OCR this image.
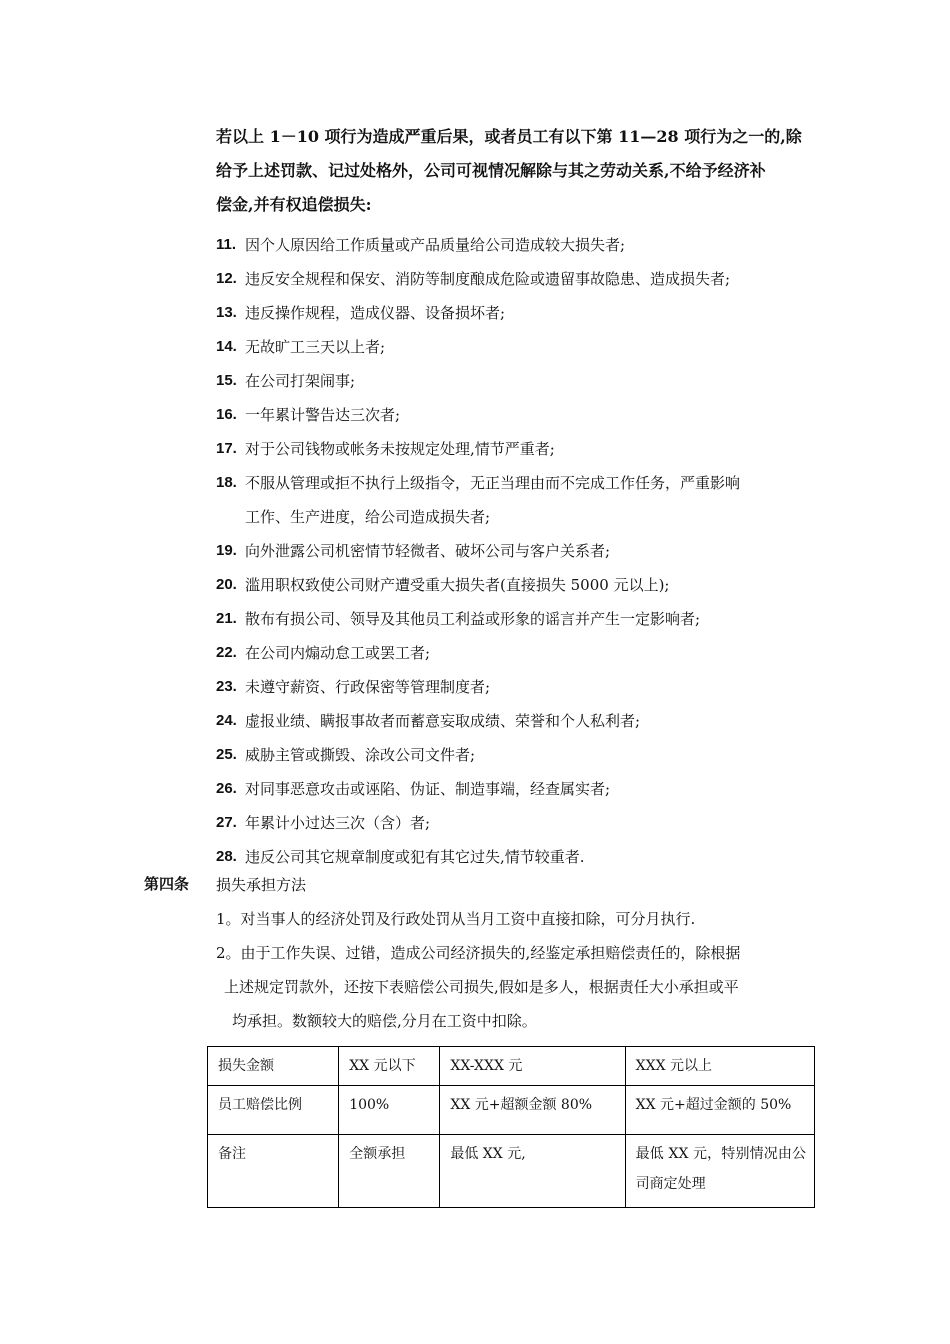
若以上 1－10 项行为造成严重后果，或者员工有以下第 11—28 项行为之一的,除

给予上述罚款、记过处格外，公司可视情况解除与其之劳动关系,不给予经济补

偿金,并有权追偿损失:

11. 因个人原因给工作质量或产品质量给公司造成较大损失者;
12. 违反安全规程和保安、消防等制度酿成危险或遗留事故隐患、造成损失者;
13. 违反操作规程，造成仪器、设备损坏者;
14. 无故旷工三天以上者;
15. 在公司打架闹事;
16. 一年累计警告达三次者;
17. 对于公司钱物或帐务未按规定处理,情节严重者;
18. 不服从管理或拒不执行上级指令，无正当理由而不完成工作任务，严重影响
工作、生产进度，给公司造成损失者;
19. 向外泄露公司机密情节轻微者、破坏公司与客户关系者;
20. 滥用职权致使公司财产遭受重大损失者(直接损失 5000 元以上);
21. 散布有损公司、领导及其他员工利益或形象的谣言并产生一定影响者;
22. 在公司内煽动怠工或罢工者;
23. 未遵守薪资、行政保密等管理制度者;
24. 虚报业绩、瞒报事故者而蓄意妄取成绩、荣誉和个人私利者;
25. 威胁主管或撕毁、涂改公司文件者;
26. 对同事恶意攻击或诬陷、伪证、制造事端，经查属实者;
27. 年累计小过达三次（含）者;
28. 违反公司其它规章制度或犯有其它过失,情节较重者.
第四条 损失承担方法

1。对当事人的经济处罚及行政处罚从当月工资中直接扣除，可分月执行.

2。由于工作失误、过错，造成公司经济损失的,经鉴定承担赔偿责任的，除根据

上述规定罚款外，还按下表赔偿公司损失,假如是多人，根据责任大小承担或平

均承担。数额较大的赔偿,分月在工资中扣除。

损失金额	XX 元以下	XX-XXX 元	XXX 元以上
员工赔偿比例	100%	XX 元+超额金额 80%	XX 元+超过金额的 50%
备注	全额承担	最低 XX 元,	最低 XX 元，特别情况由公司商定处理
